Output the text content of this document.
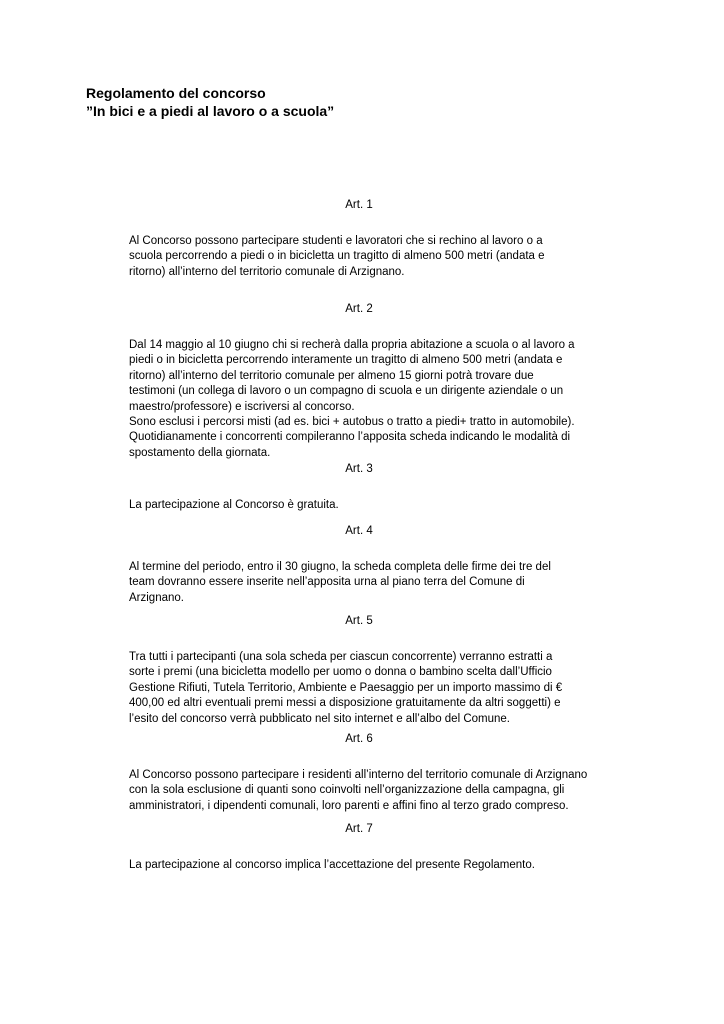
Regolamento del concorso
”In bici e a piedi al lavoro o a scuola”

Art. 1

Al Concorso possono partecipare studenti e lavoratori che si rechino al lavoro o a
scuola percorrendo a piedi o in bicicletta un tragitto di almeno 500 metri (andata e
ritorno) all’interno del territorio comunale di Arzignano.

Art. 2

Dal 14 maggio al 10 giugno chi si recherà dalla propria abitazione a scuola o al lavoro a
piedi o in bicicletta percorrendo interamente un tragitto di almeno 500 metri (andata e
ritorno) all’interno del territorio comunale per almeno 15 giorni potrà trovare due
testimoni (un collega di lavoro o un compagno di scuola e un dirigente aziendale o un
maestro/professore) e iscriversi al concorso.
Sono esclusi i percorsi misti (ad es. bici + autobus o tratto a piedi+ tratto in automobile).
Quotidianamente i concorrenti compileranno l’apposita scheda indicando le modalità di
spostamento della giornata.

Art. 3

La partecipazione al Concorso è gratuita.

Art. 4

Al termine del periodo, entro il 30 giugno, la scheda completa delle firme dei tre del
team dovranno essere inserite nell’apposita urna al piano terra del Comune di
Arzignano.

Art. 5

Tra tutti i partecipanti (una sola scheda per ciascun concorrente) verranno estratti a
sorte i premi (una bicicletta modello per uomo o donna o bambino scelta dall’Ufficio
Gestione Rifiuti, Tutela Territorio, Ambiente e Paesaggio per un importo massimo di €
400,00 ed altri eventuali premi messi a disposizione gratuitamente da altri soggetti) e
l’esito del concorso verrà pubblicato nel sito internet e all’albo del Comune.

Art. 6

Al Concorso possono partecipare i residenti all’interno del territorio comunale di Arzignano
con la sola esclusione di quanti sono coinvolti nell’organizzazione della campagna, gli
amministratori, i dipendenti comunali, loro parenti e affini fino al terzo grado compreso.

Art. 7

La partecipazione al concorso implica l’accettazione del presente Regolamento.
